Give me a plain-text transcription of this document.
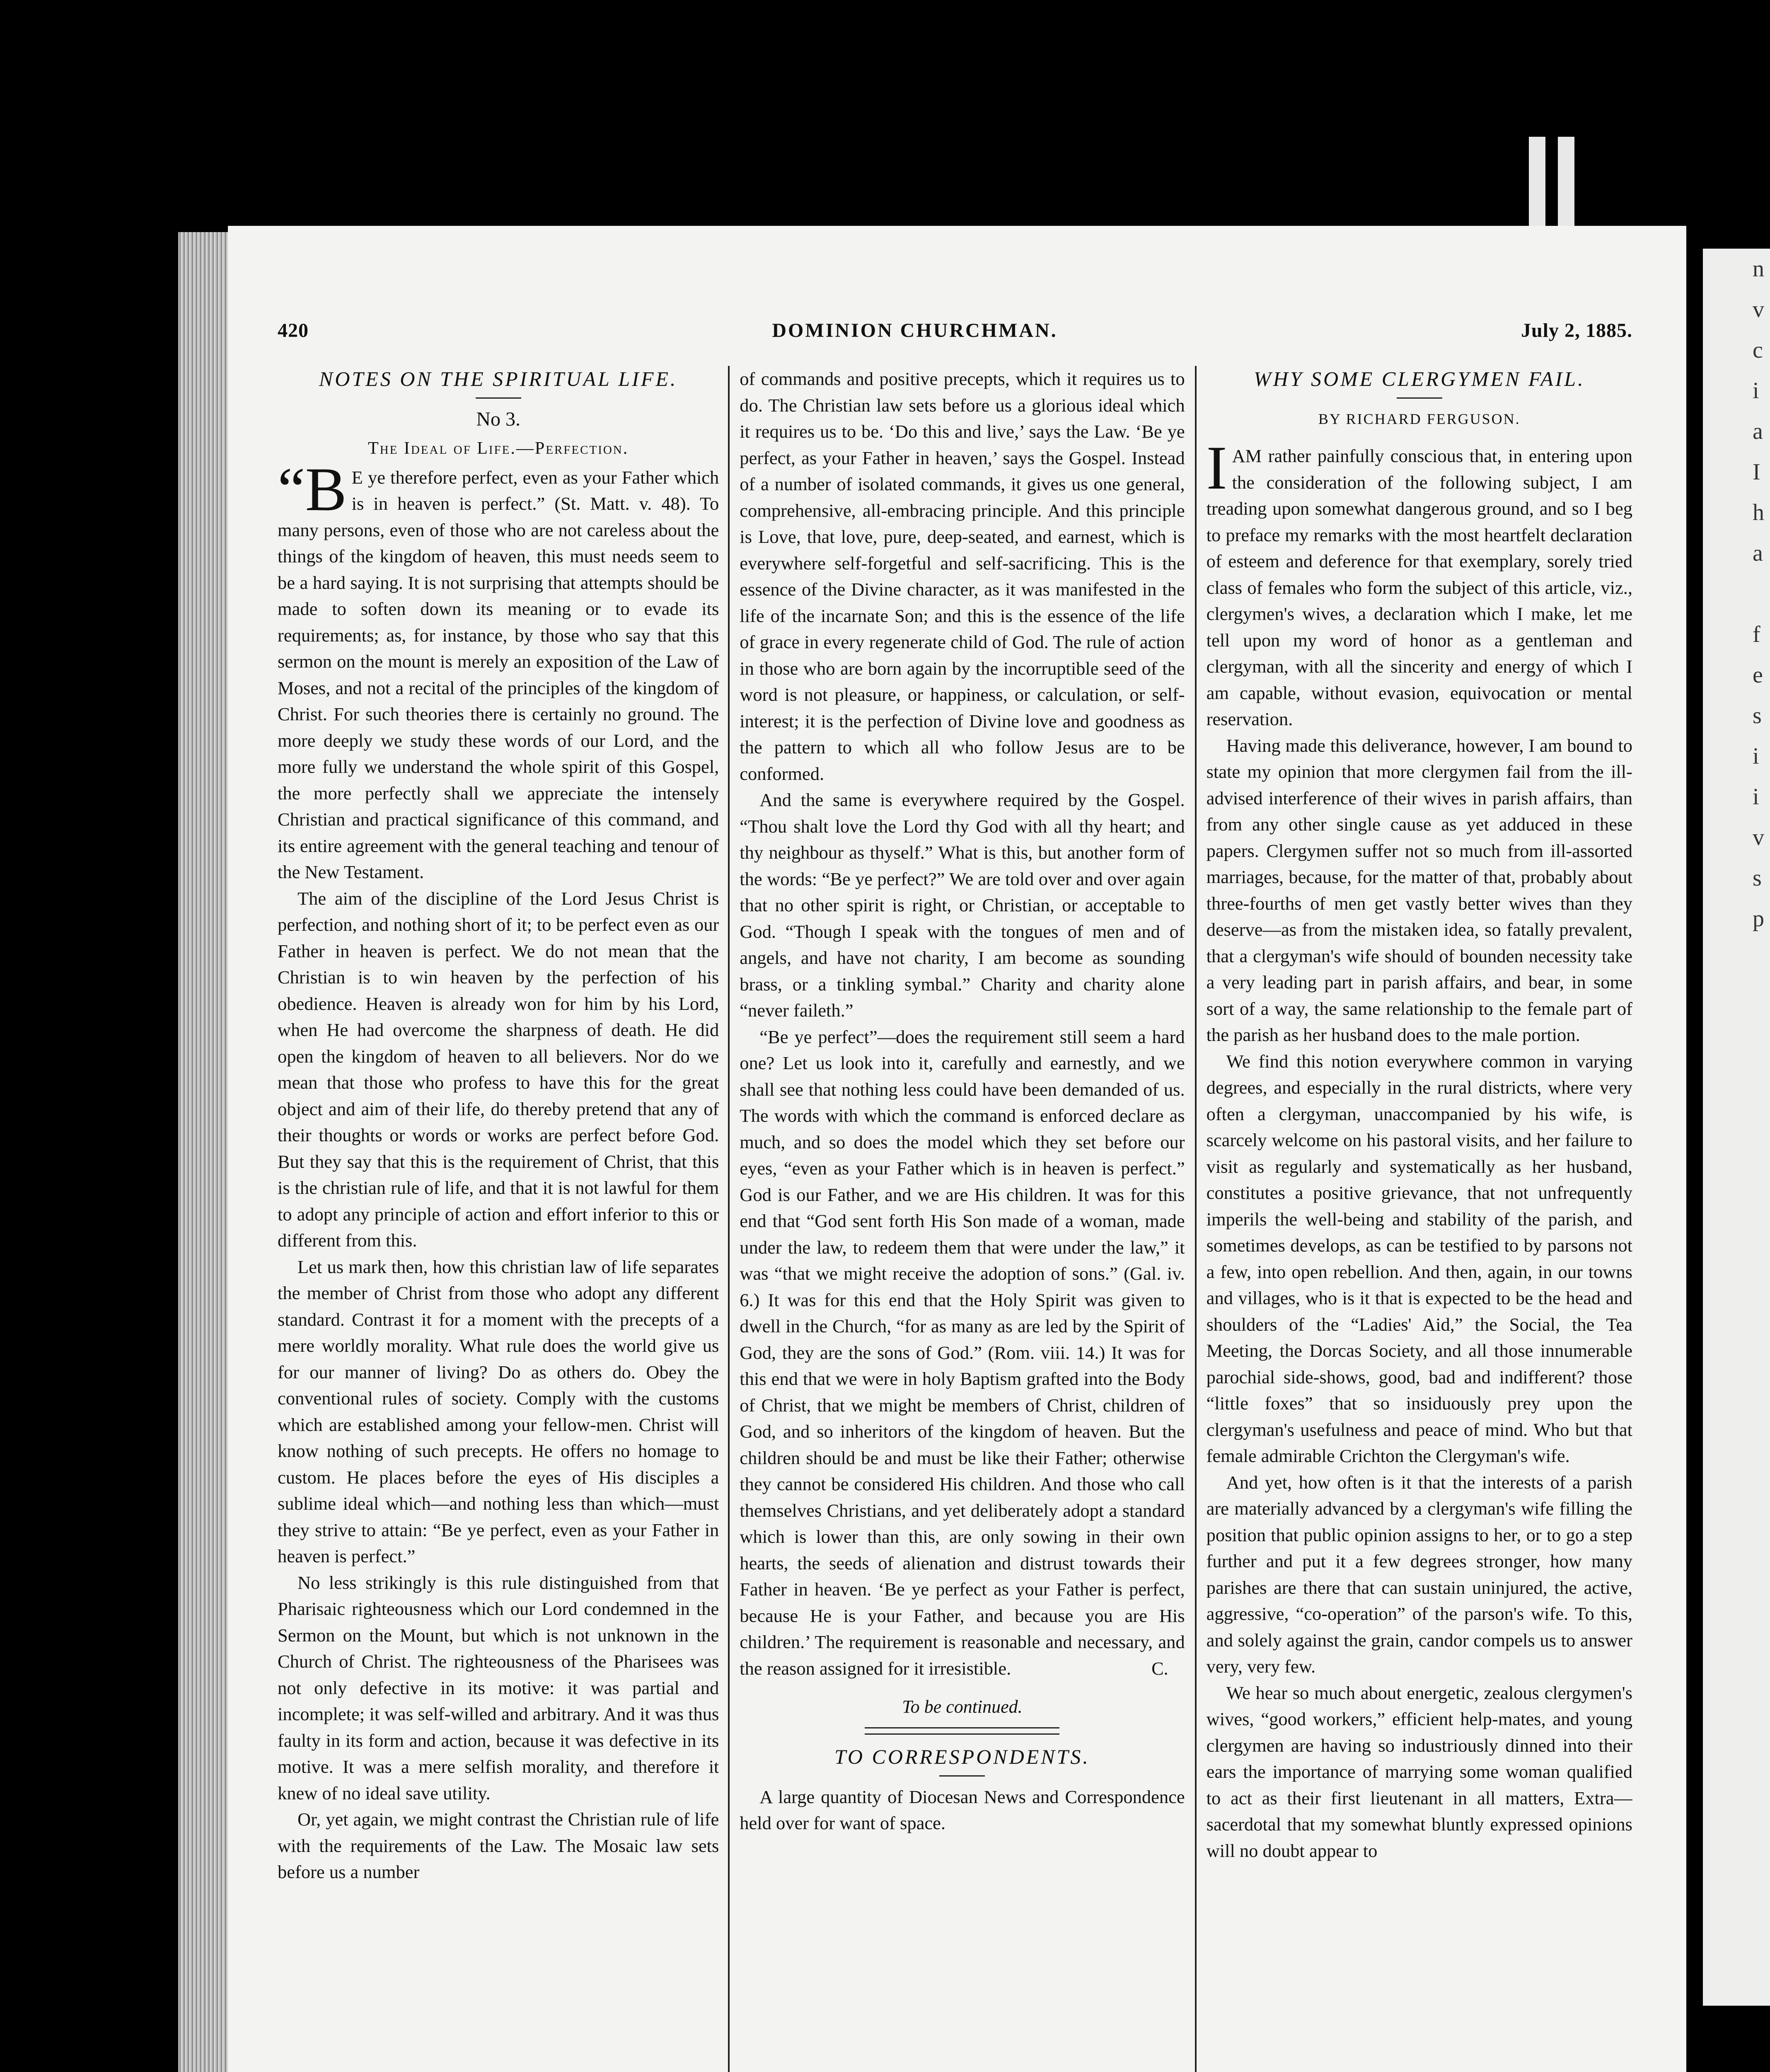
n
v
c
i
a
I
h
a

f
e
s
i
i
v
s
p
420	DOMINION CHURCHMAN.	July 2, 1885.
NOTES ON THE SPIRITUAL LIFE.
No 3.
The Ideal of Life.—Perfection.

“B E ye therefore perfect, even as your Father which is in heaven is perfect.” (St. Matt. v. 48). To many persons, even of those who are not careless about the things of the kingdom of heaven, this must needs seem to be a hard saying. It is not surprising that attempts should be made to soften down its meaning or to evade its requirements; as, for instance, by those who say that this sermon on the mount is merely an exposition of the Law of Moses, and not a recital of the principles of the kingdom of Christ. For such theories there is certainly no ground. The more deeply we study these words of our Lord, and the more fully we understand the whole spirit of this Gospel, the more perfectly shall we appreciate the intensely Christian and practical significance of this command, and its entire agreement with the general teaching and tenour of the New Testament.

The aim of the discipline of the Lord Jesus Christ is perfection, and nothing short of it; to be perfect even as our Father in heaven is perfect. We do not mean that the Christian is to win heaven by the perfection of his obedience. Heaven is already won for him by his Lord, when He had overcome the sharpness of death. He did open the kingdom of heaven to all believers. Nor do we mean that those who profess to have this for the great object and aim of their life, do thereby pretend that any of their thoughts or words or works are perfect before God. But they say that this is the requirement of Christ, that this is the christian rule of life, and that it is not lawful for them to adopt any principle of action and effort inferior to this or different from this.

Let us mark then, how this christian law of life separates the member of Christ from those who adopt any different standard. Contrast it for a moment with the precepts of a mere worldly morality. What rule does the world give us for our manner of living? Do as others do. Obey the conventional rules of society. Comply with the customs which are established among your fellow-men. Christ will know nothing of such precepts. He offers no homage to custom. He places before the eyes of His disciples a sublime ideal which—and nothing less than which—must they strive to attain: “Be ye perfect, even as your Father in heaven is perfect.”

No less strikingly is this rule distinguished from that Pharisaic righteousness which our Lord condemned in the Sermon on the Mount, but which is not unknown in the Church of Christ. The righteousness of the Pharisees was not only defective in its motive: it was partial and incomplete; it was self-willed and arbitrary. And it was thus faulty in its form and action, because it was defective in its motive. It was a mere selfish morality, and therefore it knew of no ideal save utility.

Or, yet again, we might contrast the Christian rule of life with the requirements of the Law. The Mosaic law sets before us a number

of commands and positive precepts, which it requires us to do. The Christian law sets before us a glorious ideal which it requires us to be. ‘Do this and live,’ says the Law. ‘Be ye perfect, as your Father in heaven,’ says the Gospel. Instead of a number of isolated commands, it gives us one general, comprehensive, all-embracing principle. And this principle is Love, that love, pure, deep-seated, and earnest, which is everywhere self-forgetful and self-sacrificing. This is the essence of the Divine character, as it was manifested in the life of the incarnate Son; and this is the essence of the life of grace in every regenerate child of God. The rule of action in those who are born again by the incorruptible seed of the word is not pleasure, or happiness, or calculation, or self-interest; it is the perfection of Divine love and goodness as the pattern to which all who follow Jesus are to be conformed.

And the same is everywhere required by the Gospel. “Thou shalt love the Lord thy God with all thy heart; and thy neighbour as thyself.” What is this, but another form of the words: “Be ye perfect?” We are told over and over again that no other spirit is right, or Christian, or acceptable to God. “Though I speak with the tongues of men and of angels, and have not charity, I am become as sounding brass, or a tinkling symbal.” Charity and charity alone “never faileth.”

“Be ye perfect”—does the requirement still seem a hard one? Let us look into it, carefully and earnestly, and we shall see that nothing less could have been demanded of us. The words with which the command is enforced declare as much, and so does the model which they set before our eyes, “even as your Father which is in heaven is perfect.” God is our Father, and we are His children. It was for this end that “God sent forth His Son made of a woman, made under the law, to redeem them that were under the law,” it was “that we might receive the adoption of sons.” (Gal. iv. 6.) It was for this end that the Holy Spirit was given to dwell in the Church, “for as many as are led by the Spirit of God, they are the sons of God.” (Rom. viii. 14.) It was for this end that we were in holy Baptism grafted into the Body of Christ, that we might be members of Christ, children of God, and so inheritors of the kingdom of heaven. But the children should be and must be like their Father; otherwise they cannot be considered His children. And those who call themselves Christians, and yet deliberately adopt a standard which is lower than this, are only sowing in their own hearts, the seeds of alienation and distrust towards their Father in heaven. ‘Be ye perfect as your Father is perfect, because He is your Father, and because you are His children.’ The requirement is reasonable and necessary, and the reason assigned for it irresistible.	C.
To be continued.
TO CORRESPONDENTS.

A large quantity of Diocesan News and Correspondence held over for want of space.

WHY SOME CLERGYMEN FAIL.
BY RICHARD FERGUSON.

IAM rather painfully conscious that, in entering upon the consideration of the following subject, I am treading upon somewhat dangerous ground, and so I beg to preface my remarks with the most heartfelt declaration of esteem and deference for that exemplary, sorely tried class of females who form the subject of this article, viz., clergymen's wives, a declaration which I make, let me tell upon my word of honor as a gentleman and clergyman, with all the sincerity and energy of which I am capable, without evasion, equivocation or mental reservation.

Having made this deliverance, however, I am bound to state my opinion that more clergymen fail from the ill-advised interference of their wives in parish affairs, than from any other single cause as yet adduced in these papers. Clergymen suffer not so much from ill-assorted marriages, because, for the matter of that, probably about three-fourths of men get vastly better wives than they deserve—as from the mistaken idea, so fatally prevalent, that a clergyman's wife should of bounden necessity take a very leading part in parish affairs, and bear, in some sort of a way, the same relationship to the female part of the parish as her husband does to the male portion.

We find this notion everywhere common in varying degrees, and especially in the rural districts, where very often a clergyman, unaccompanied by his wife, is scarcely welcome on his pastoral visits, and her failure to visit as regularly and systematically as her husband, constitutes a positive grievance, that not unfrequently imperils the well-being and stability of the parish, and sometimes develops, as can be testified to by parsons not a few, into open rebellion. And then, again, in our towns and villages, who is it that is expected to be the head and shoulders of the “Ladies' Aid,” the Social, the Tea Meeting, the Dorcas Society, and all those innumerable parochial side-shows, good, bad and indifferent? those “little foxes” that so insiduously prey upon the clergyman's usefulness and peace of mind. Who but that female admirable Crichton the Clergyman's wife.

And yet, how often is it that the interests of a parish are materially advanced by a clergyman's wife filling the position that public opinion assigns to her, or to go a step further and put it a few degrees stronger, how many parishes are there that can sustain uninjured, the active, aggressive, “co-operation” of the parson's wife. To this, and solely against the grain, candor compels us to answer very, very few.

We hear so much about energetic, zealous clergymen's wives, “good workers,” efficient help-mates, and young clergymen are having so industriously dinned into their ears the importance of marrying some woman qualified to act as their first lieutenant in all matters, Extra—sacerdotal that my somewhat bluntly expressed opinions will no doubt appear to
